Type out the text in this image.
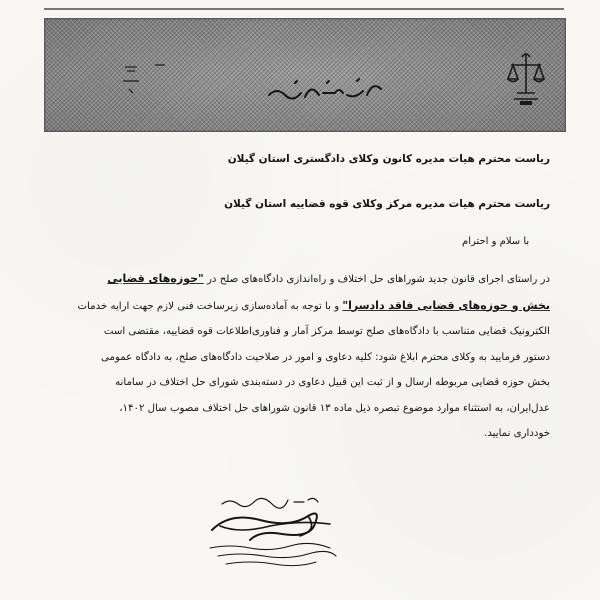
ریاست محترم هیات مدیره کانون وکلای دادگستری استان گیلان
ریاست محترم هیات مدیره مرکز وکلای قوه قضاییه استان گیلان
با سلام و احترام
در راستای اجرای قانون جدید شوراهای حل اختلاف و راه‌اندازی دادگاه‌های صلح در "حوزه‌های قضایی
بخش و حوزه‌های قضایی فاقد دادسرا" و با توجه به آماده‌سازی زیرساخت فنی لازم جهت ارایه خدمات
الکترونیک قضایی متناسب با دادگاه‌های صلح توسط مرکز آمار و فناوری‌اطلاعات قوه قضاییه، مقتضی است
دستور فرمایید به وکلای محترم ابلاغ شود: کلیه دعاوی و امور در صلاحیت دادگاه‌های صلح، به دادگاه عمومی
بخش حوزه قضایی مربوطه ارسال و از ثبت این قبیل دعاوی در دسته‌بندی شورای حل اختلاف در سامانه
عدل‌ایران، به استثناء موارد موضوع تبصره ذیل ماده ۱۳ قانون شوراهای حل اختلاف مصوب سال ۱۴۰۲،
خودداری نمایید.
